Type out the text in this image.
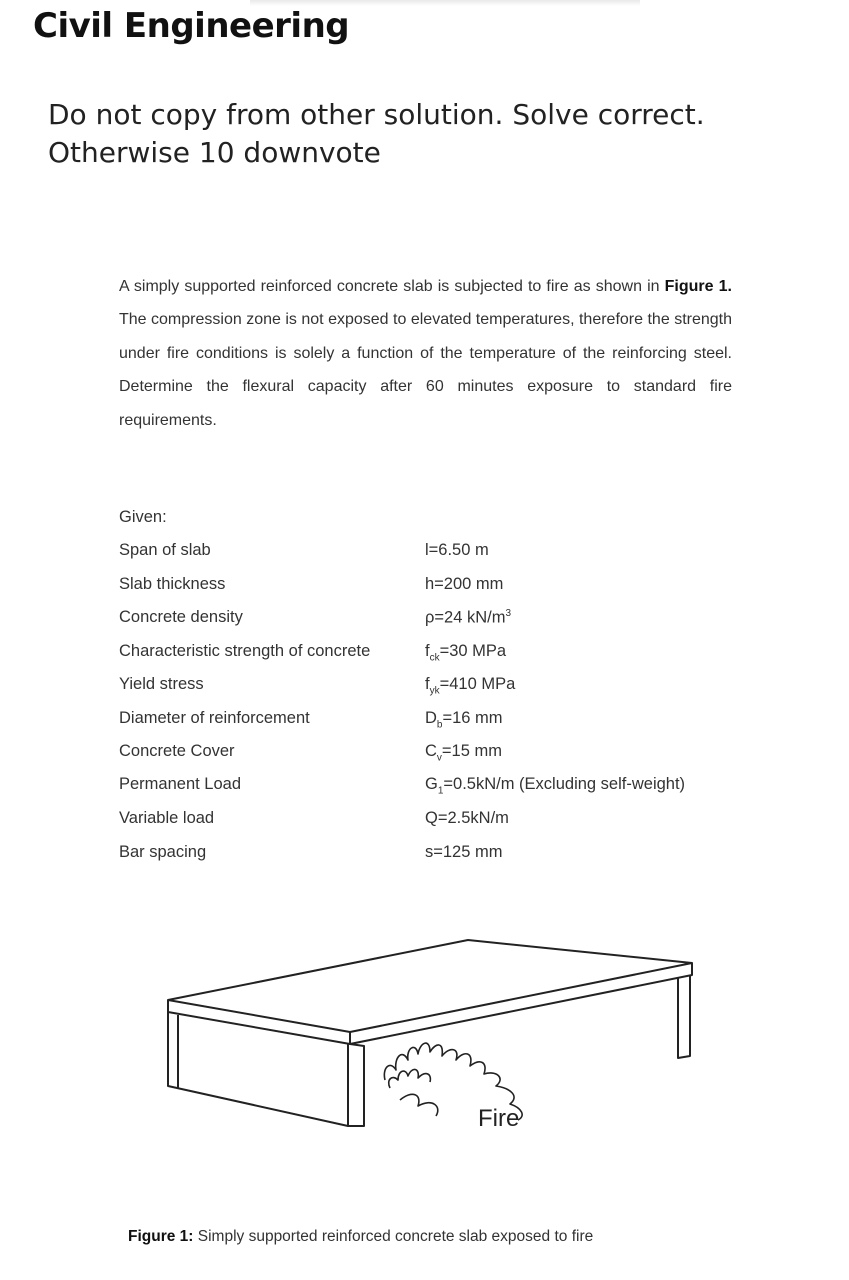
Civil Engineering
Do not copy from other solution. Solve correct.
Otherwise 10 downvote
A simply supported reinforced concrete slab is subjected to fire as shown in Figure 1. The compression zone is not exposed to elevated temperatures, therefore the strength under fire conditions is solely a function of the temperature of the reinforcing steel. Determine the flexural capacity after 60 minutes exposure to standard fire requirements.
Given:
Span of slab	l=6.50 m
Slab thickness	h=200 mm
Concrete density	ρ=24 $kN/m^3$
Characteristic strength of concrete	$f_{ck}=30$ MPa
Yield stress	$f_{yk}=410$ MPa
Diameter of reinforcement	$D_b=16$ mm
Concrete Cover	$C_v=15$ mm
Permanent Load	$G_1=0.5kN/m$ (Excluding self-weight)
Variable load	Q=2.5kN/m
Bar spacing	s=125 mm
Fire
Figure 1: Simply supported reinforced concrete slab exposed to fire
